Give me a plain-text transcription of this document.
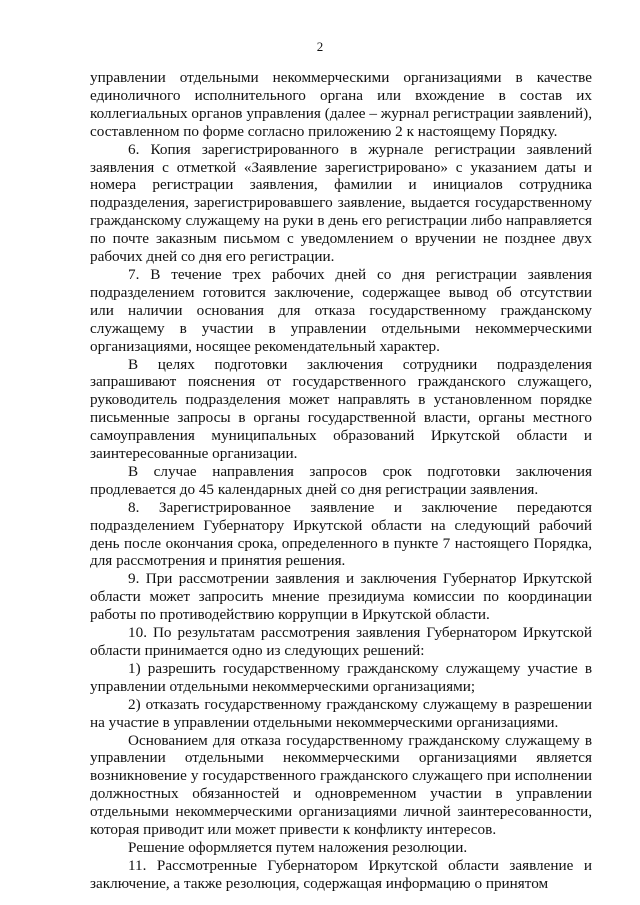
2

управлении отдельными некоммерческими организациями в качестве единоличного исполнительного органа или вхождение в состав их коллегиальных органов управления (далее – журнал регистрации заявлений), составленном по форме согласно приложению 2 к настоящему Порядку.

6. Копия зарегистрированного в журнале регистрации заявлений заявления с отметкой «Заявление зарегистрировано» с указанием даты и номера регистрации заявления, фамилии и инициалов сотрудника подразделения, зарегистрировавшего заявление, выдается государственному гражданскому служащему на руки в день его регистрации либо направляется по почте заказным письмом с уведомлением о вручении не позднее двух рабочих дней со дня его регистрации.

7. В течение трех рабочих дней со дня регистрации заявления подразделением готовится заключение, содержащее вывод об отсутствии или наличии основания для отказа государственному гражданскому служащему в участии в управлении отдельными некоммерческими организациями, носящее рекомендательный характер.

В целях подготовки заключения сотрудники подразделения запрашивают пояснения от государственного гражданского служащего, руководитель подразделения может направлять в установленном порядке письменные запросы в органы государственной власти, органы местного самоуправления муниципальных образований Иркутской области и заинтересованные организации.

В случае направления запросов срок подготовки заключения продлевается до 45 календарных дней со дня регистрации заявления.

8. Зарегистрированное заявление и заключение передаются подразделением Губернатору Иркутской области на следующий рабочий день после окончания срока, определенного в пункте 7 настоящего Порядка, для рассмотрения и принятия решения.

9. При рассмотрении заявления и заключения Губернатор Иркутской области может запросить мнение президиума комиссии по координации работы по противодействию коррупции в Иркутской области.

10. По результатам рассмотрения заявления Губернатором Иркутской области принимается одно из следующих решений:

1) разрешить государственному гражданскому служащему участие в управлении отдельными некоммерческими организациями;

2) отказать государственному гражданскому служащему в разрешении на участие в управлении отдельными некоммерческими организациями.

Основанием для отказа государственному гражданскому служащему в управлении отдельными некоммерческими организациями является возникновение у государственного гражданского служащего при исполнении должностных обязанностей и одновременном участии в управлении отдельными некоммерческими организациями личной заинтересованности, которая приводит или может привести к конфликту интересов.

Решение оформляется путем наложения резолюции.

11. Рассмотренные Губернатором Иркутской области заявление и заключение, а также резолюция, содержащая информацию о принятом
